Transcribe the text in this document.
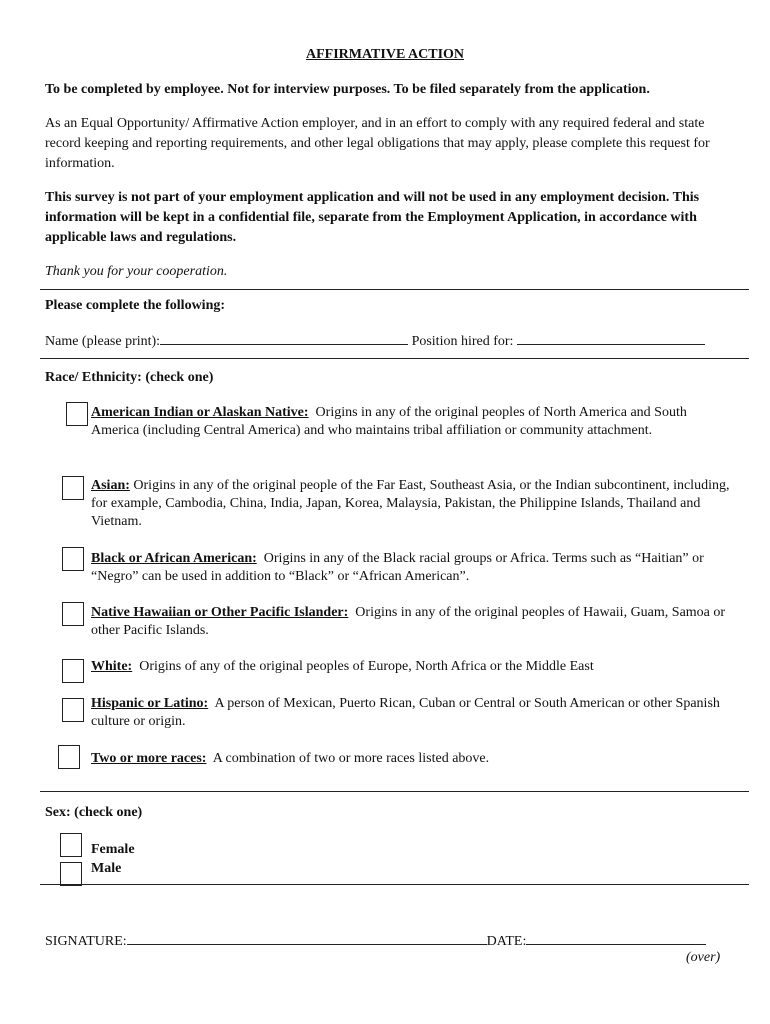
AFFIRMATIVE ACTION
To be completed by employee. Not for interview purposes. To be filed separately from the application.
As an Equal Opportunity/ Affirmative Action employer, and in an effort to comply with any required federal and state record keeping and reporting requirements, and other legal obligations that may apply, please complete this request for information.
This survey is not part of your employment application and will not be used in any employment decision. This information will be kept in a confidential file, separate from the Employment Application, in accordance with applicable laws and regulations.
Thank you for your cooperation.
Please complete the following:
Name (please print):	Position hired for:
Race/ Ethnicity: (check one)
American Indian or Alaskan Native: Origins in any of the original peoples of North America and South America (including Central America) and who maintains tribal affiliation or community attachment.
Asian: Origins in any of the original people of the Far East, Southeast Asia, or the Indian subcontinent, including, for example, Cambodia, China, India, Japan, Korea, Malaysia, Pakistan, the Philippine Islands, Thailand and Vietnam.
Black or African American: Origins in any of the Black racial groups or Africa. Terms such as “Haitian” or “Negro” can be used in addition to “Black” or “African American”.
Native Hawaiian or Other Pacific Islander: Origins in any of the original peoples of Hawaii, Guam, Samoa or other Pacific Islands.
White: Origins of any of the original peoples of Europe, North Africa or the Middle East
Hispanic or Latino: A person of Mexican, Puerto Rican, Cuban or Central or South American or other Spanish culture or origin.
Two or more races: A combination of two or more races listed above.
Sex: (check one)
Female
Male
SIGNATURE:	DATE:
(over)
